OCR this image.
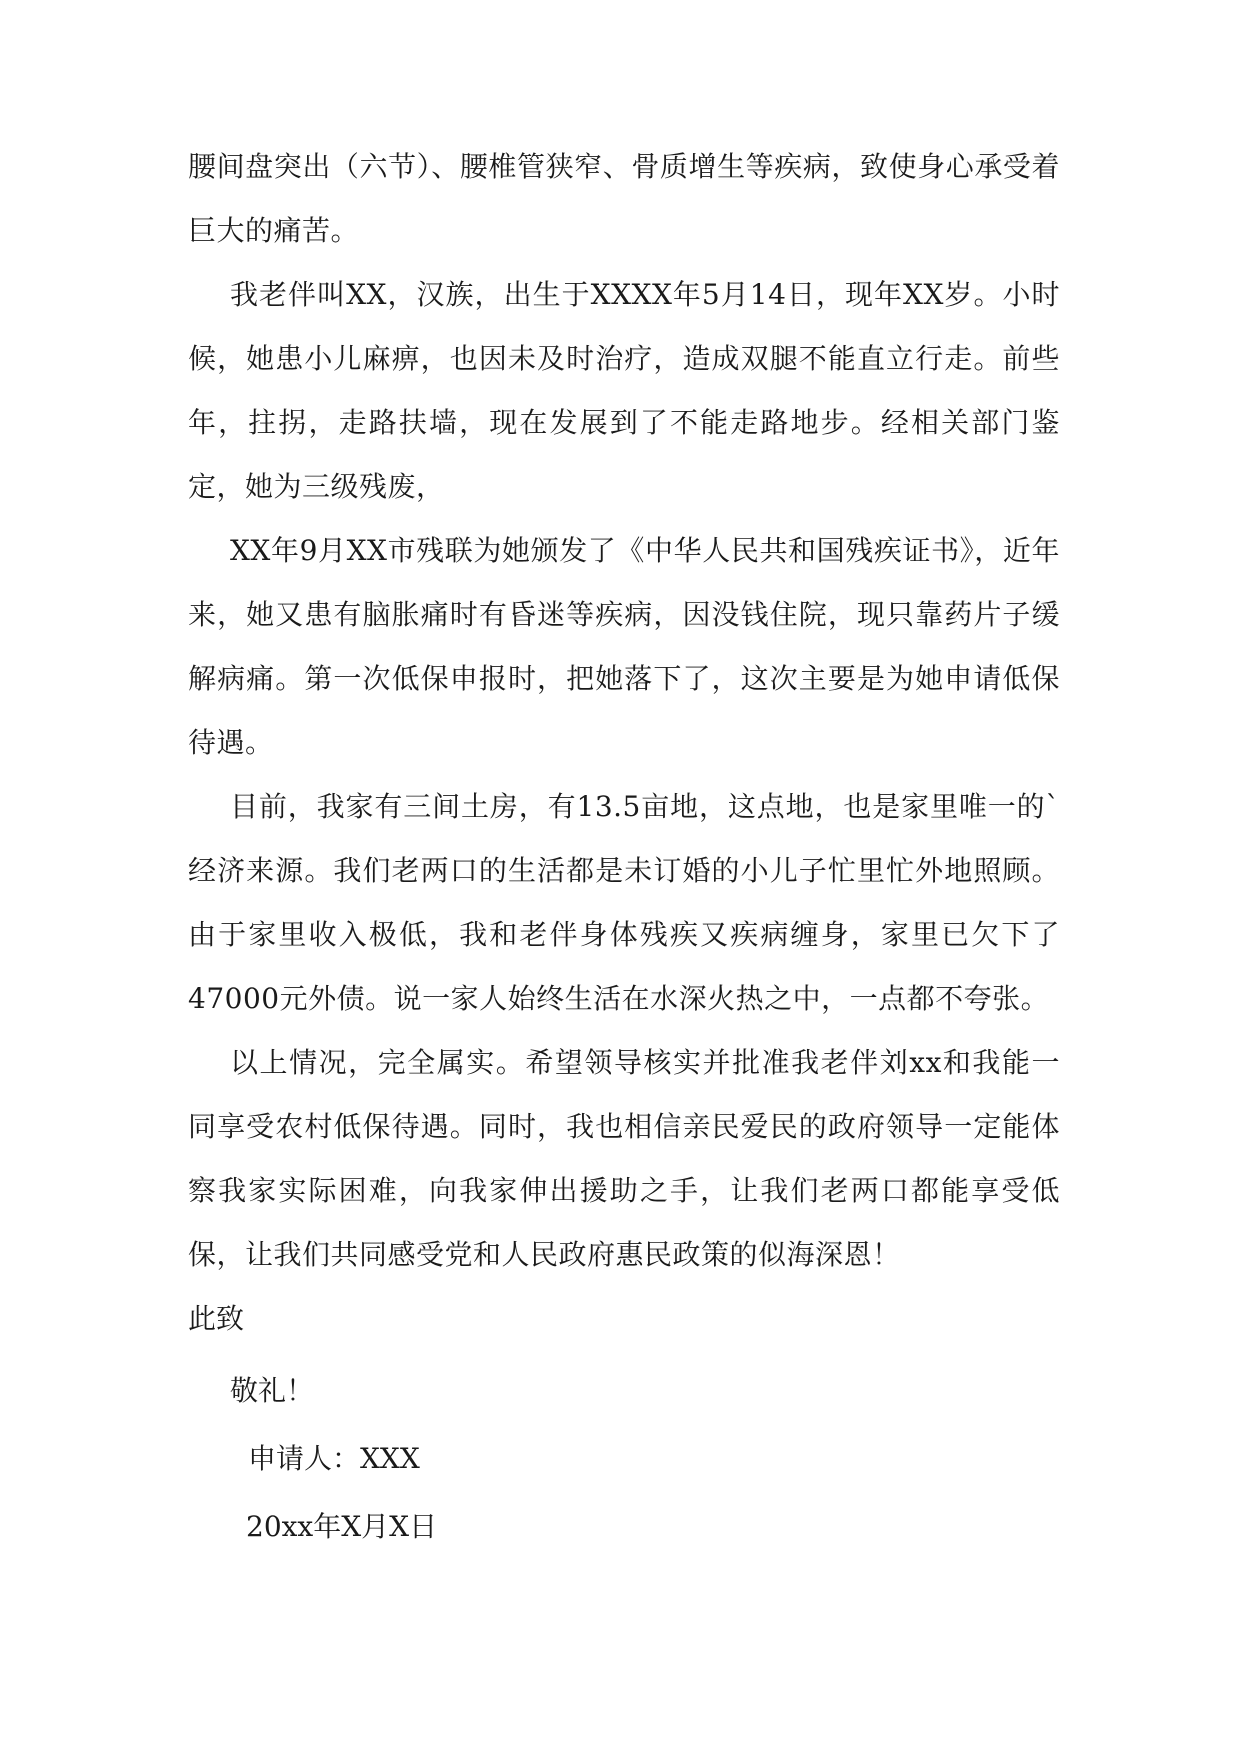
腰间盘突出（六节）、腰椎管狭窄、骨质增生等疾病，致使身心承受着巨大的痛苦。

我老伴叫XX，汉族，出生于XXXX年5月14日，现年XX岁。小时候，她患小儿麻痹，也因未及时治疗，造成双腿不能直立行走。前些年，拄拐，走路扶墙，现在发展到了不能走路地步。经相关部门鉴定，她为三级残废，

XX年9月XX市残联为她颁发了《中华人民共和国残疾证书》，近年来，她又患有脑胀痛时有昏迷等疾病，因没钱住院，现只靠药片子缓解病痛。第一次低保申报时，把她落下了，这次主要是为她申请低保待遇。

目前，我家有三间土房，有13.5亩地，这点地，也是家里唯一的`经济来源。我们老两口的生活都是未订婚的小儿子忙里忙外地照顾。由于家里收入极低，我和老伴身体残疾又疾病缠身，家里已欠下了47000元外债。说一家人始终生活在水深火热之中，一点都不夸张。

以上情况，完全属实。希望领导核实并批准我老伴刘xx和我能一同享受农村低保待遇。同时，我也相信亲民爱民的政府领导一定能体察我家实际困难，向我家伸出援助之手，让我们老两口都能享受低保，让我们共同感受党和人民政府惠民政策的似海深恩！

此致

敬礼！

申请人：XXX

20xx年X月X日
